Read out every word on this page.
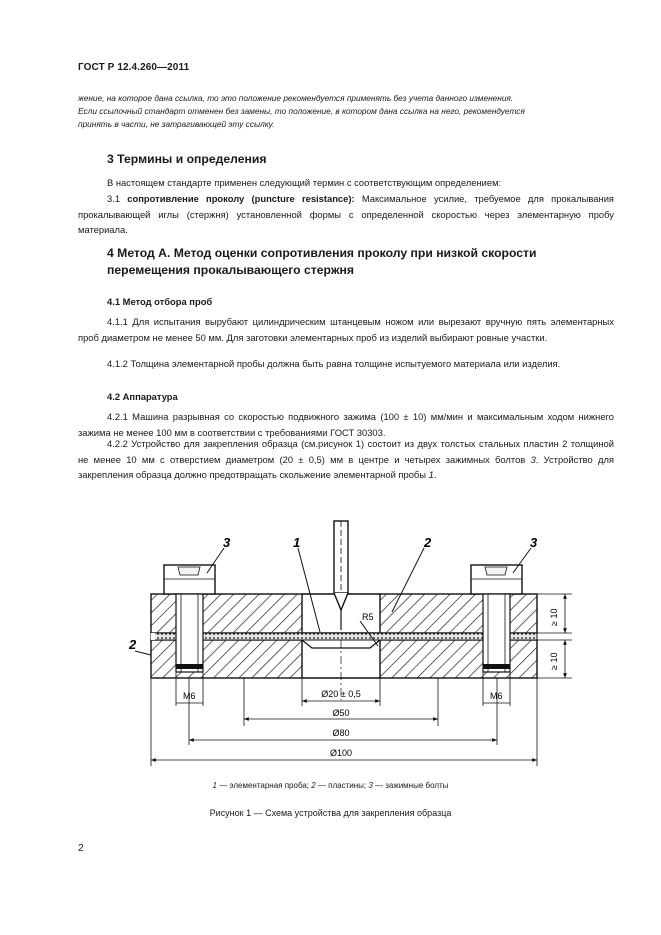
ГОСТ Р 12.4.260—2011
жение, на которое дана ссылка, то это положение рекомендуется применять без учета данного изменения.
Если ссылочный стандарт отменен без замены, то положение, в котором дана ссылка на него, рекомендуется
принять в части, не затрагивающей эту ссылку.
3 Термины и определения
В настоящем стандарте применен следующий термин с соответствующим определением:
3.1 сопротивление проколу (puncture resistance): Максимальное усилие, требуемое для прокалывания прокалывающей иглы (стержня) установленной формы с определенной скоростью через элементарную пробу материала.
4 Метод А. Метод оценки сопротивления проколу при низкой скорости
перемещения прокалывающего стержня
4.1 Метод отбора проб
4.1.1 Для испытания вырубают цилиндрическим штанцевым ножом или вырезают вручную пять элементарных проб диаметром не менее 50 мм. Для заготовки элементарных проб из изделий выбирают ровные участки.
4.1.2 Толщина элементарной пробы должна быть равна толщине испытуемого материала или изделия.
4.2 Аппаратура
4.2.1 Машина разрывная со скоростью подвижного зажима (100 ± 10) мм/мин и максимальным ходом нижнего зажима не менее 100 мм в соответствии с требованиями ГОСТ 30303.
4.2.2 Устройство для закрепления образца (см.рисунок 1) состоит из двух толстых стальных пластин 2 толщиной не менее 10 мм с отверстием диаметром (20 ± 0,5) мм в центре и четырех зажимных болтов 3. Устройство для закрепления образца должно предотвращать скольжение элементарной пробы 1.
1	2
3	3
2
R5	≥ 10
≥ 10
M6	M6
Ø20 ± 0,5
Ø50
Ø80
Ø100
1 — элементарная проба; 2 — пластины; 3 — зажимные болты
Рисунок 1 — Схема устройства для закрепления образца
2
